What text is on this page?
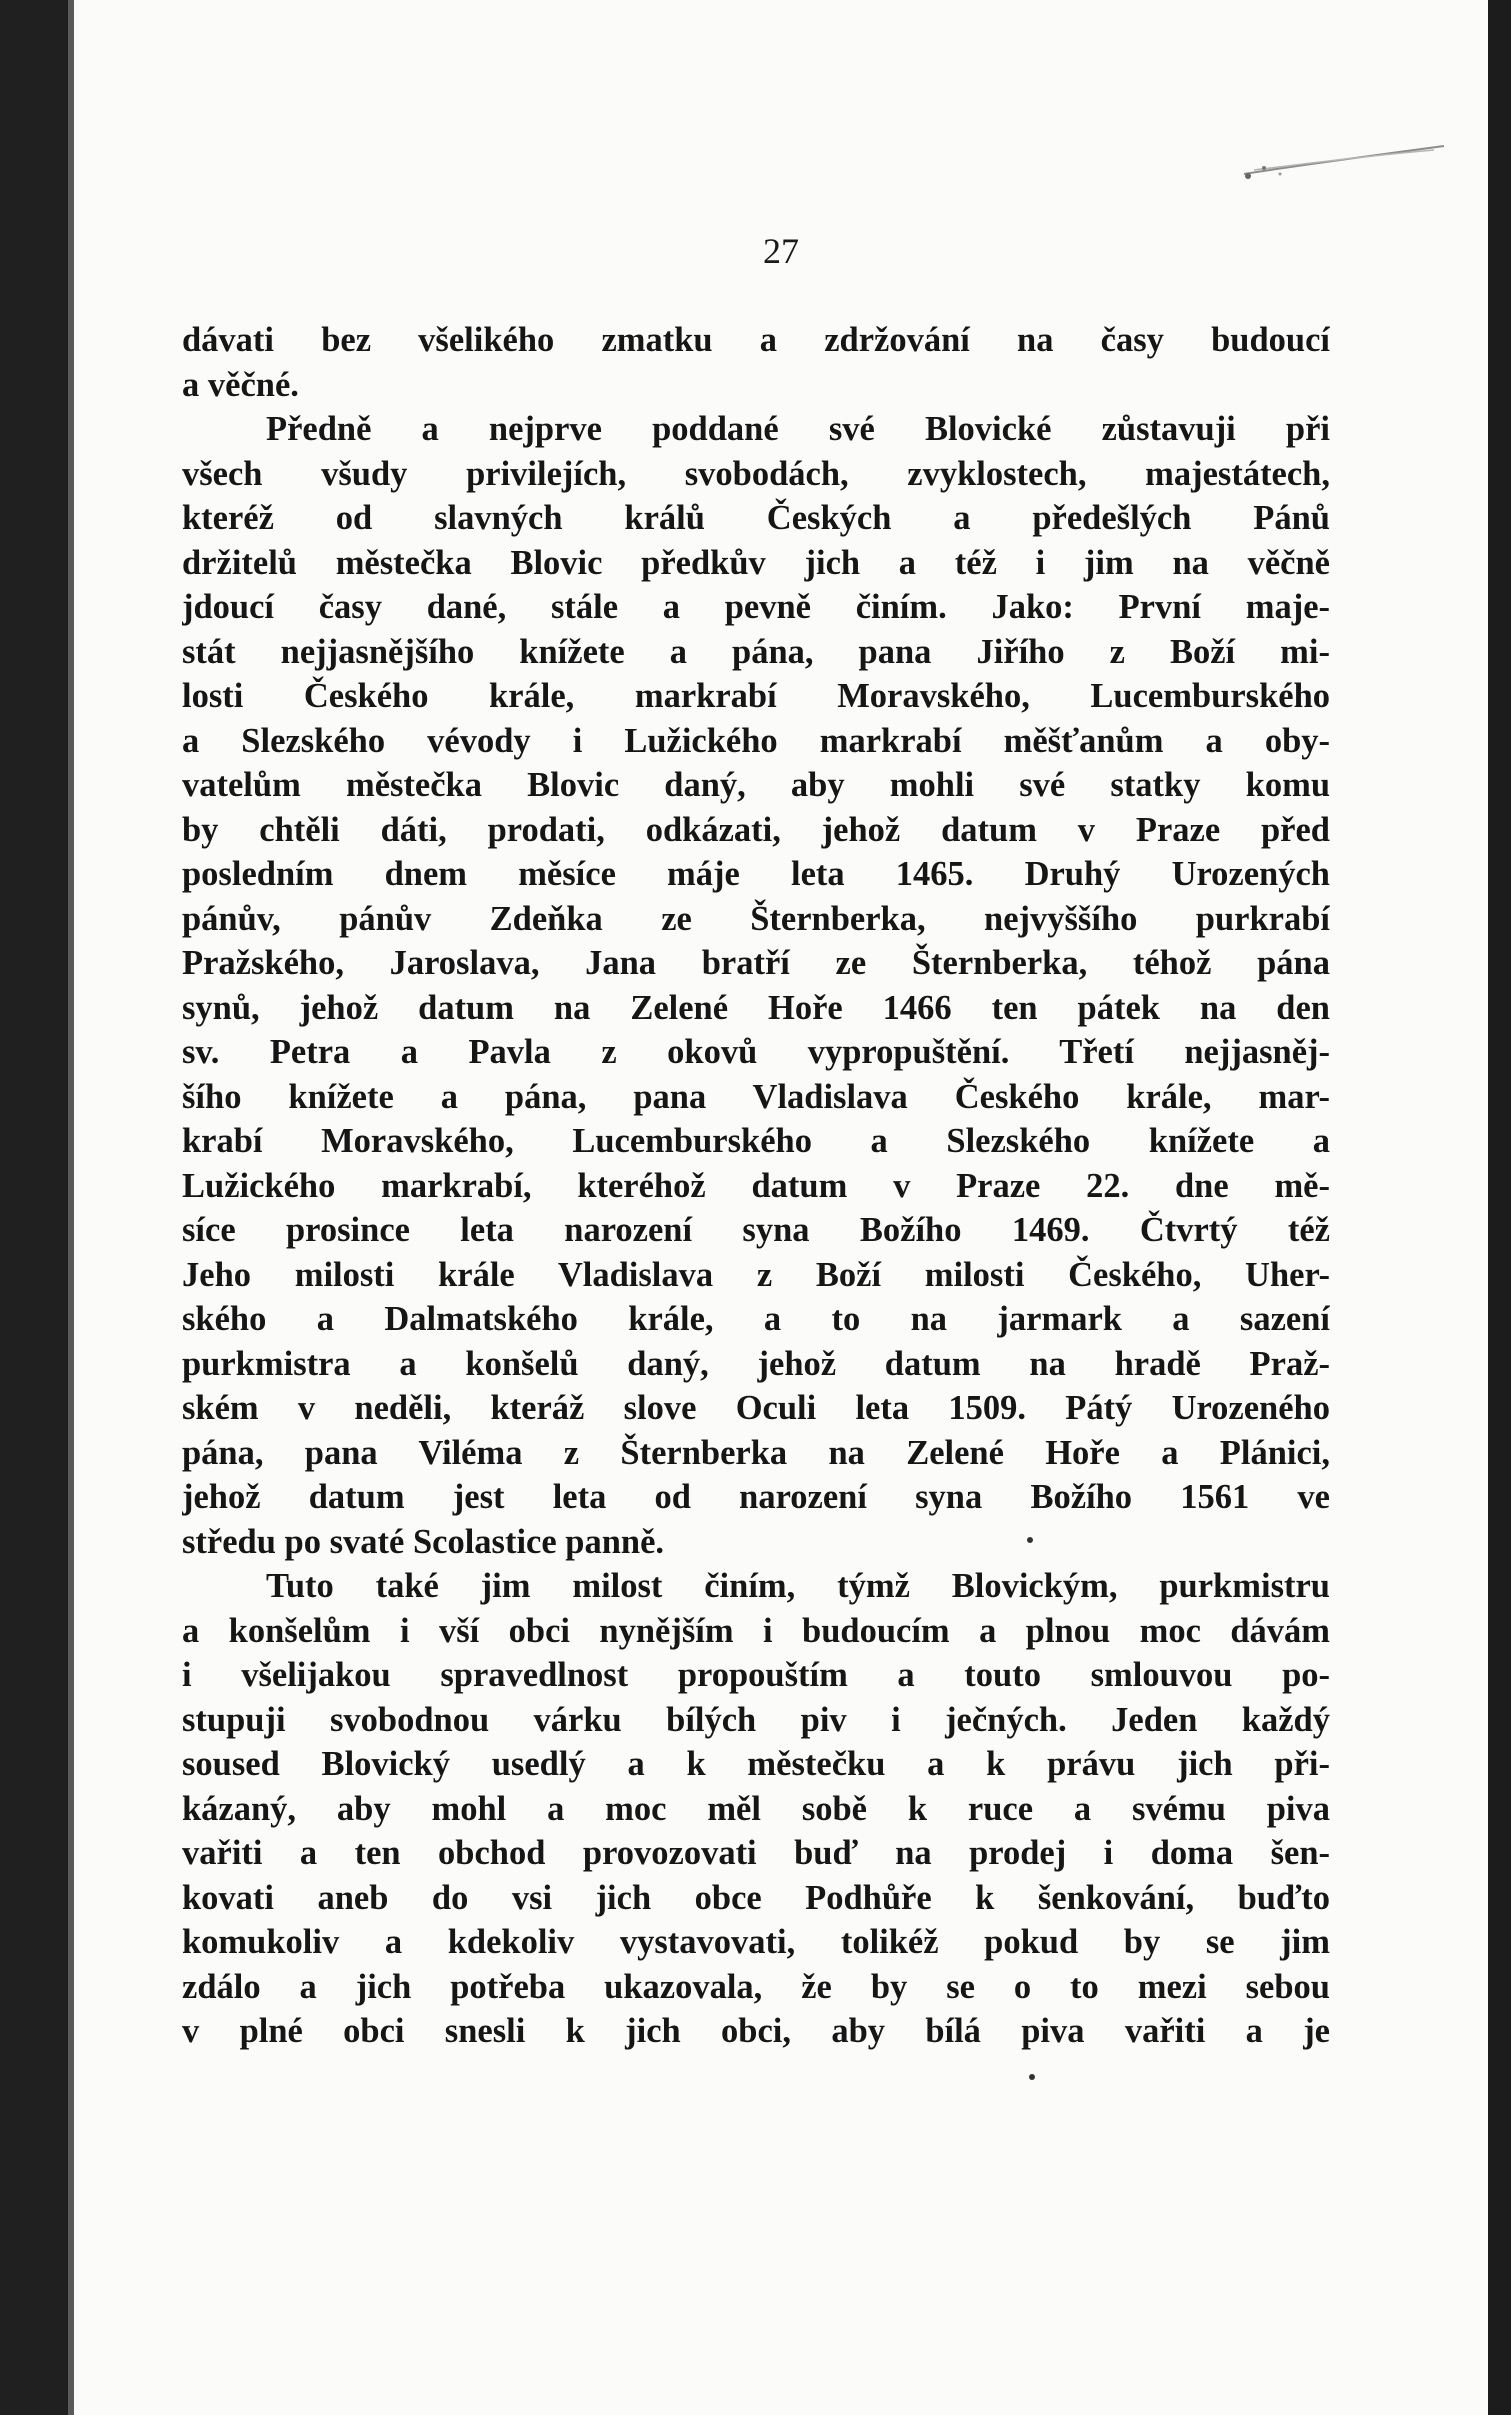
27
dávati bez všelikého zmatku a zdržování na časy budoucí
a věčné.
Předně a nejprve poddané své Blovické zůstavuji při
všech všudy privilejích, svobodách, zvyklostech, majestátech,
kteréž od slavných králů Českých a předešlých Pánů
držitelů městečka Blovic předkův jich a též i jim na věčně
jdoucí časy dané, stále a pevně činím. Jako: První maje-
stát nejjasnějšího knížete a pána, pana Jiřího z Boží mi-
losti Českého krále, markrabí Moravského, Lucemburského
a Slezského vévody i Lužického markrabí měšťanům a oby-
vatelům městečka Blovic daný, aby mohli své statky komu
by chtěli dáti, prodati, odkázati, jehož datum v Praze před
posledním dnem měsíce máje leta 1465. Druhý Urozených
pánův, pánův Zdeňka ze Šternberka, nejvyššího purkrabí
Pražského, Jaroslava, Jana bratří ze Šternberka, téhož pána
synů, jehož datum na Zelené Hoře 1466 ten pátek na den
sv. Petra a Pavla z okovů vypropuštění. Třetí nejjasněj-
šího knížete a pána, pana Vladislava Českého krále, mar-
krabí Moravského, Lucemburského a Slezského knížete a
Lužického markrabí, kteréhož datum v Praze 22. dne mě-
síce prosince leta narození syna Božího 1469. Čtvrtý též
Jeho milosti krále Vladislava z Boží milosti Českého, Uher-
ského a Dalmatského krále, a to na jarmark a sazení
purkmistra a konšelů daný, jehož datum na hradě Praž-
ském v neděli, kteráž slove Oculi leta 1509. Pátý Urozeného
pána, pana Viléma z Šternberka na Zelené Hoře a Plánici,
jehož datum jest leta od narození syna Božího 1561 ve
středu po svaté Scolastice panně.
Tuto také jim milost činím, týmž Blovickým, purkmistru
a konšelům i vší obci nynějším i budoucím a plnou moc dávám
i všelijakou spravedlnost propouštím a touto smlouvou po-
stupuji svobodnou várku bílých piv i ječných. Jeden každý
soused Blovický usedlý a k městečku a k právu jich při-
kázaný, aby mohl a moc měl sobě k ruce a svému piva
vařiti a ten obchod provozovati buď na prodej i doma šen-
kovati aneb do vsi jich obce Podhůře k šenkování, buďto
komukoliv a kdekoliv vystavovati, tolikéž pokud by se jim
zdálo a jich potřeba ukazovala, že by se o to mezi sebou
v plné obci snesli k jich obci, aby bílá piva vařiti a je
